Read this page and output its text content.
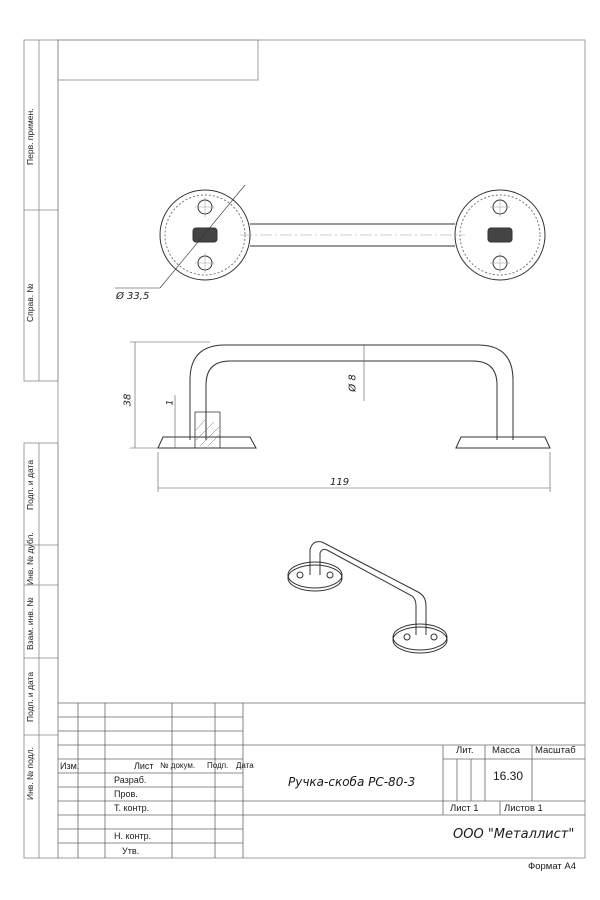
Перв. примен.
Справ. №
Подп. и дата
Инв. № дубл.
Взам. инв. №
Подп. и дата
Инв. № подл.
Ø 33,5
38
Ø 8
1
119
Изм.	Лист № докум. Подп. Дата
Разраб.
Пров.
Т. контр.
Н. контр.
Утв.
Ручка-скоба РС-80-3
Лит. Масса Масштаб
16.30
Лист 1	Листов 1
ООО "Металлист"
Формат А4
